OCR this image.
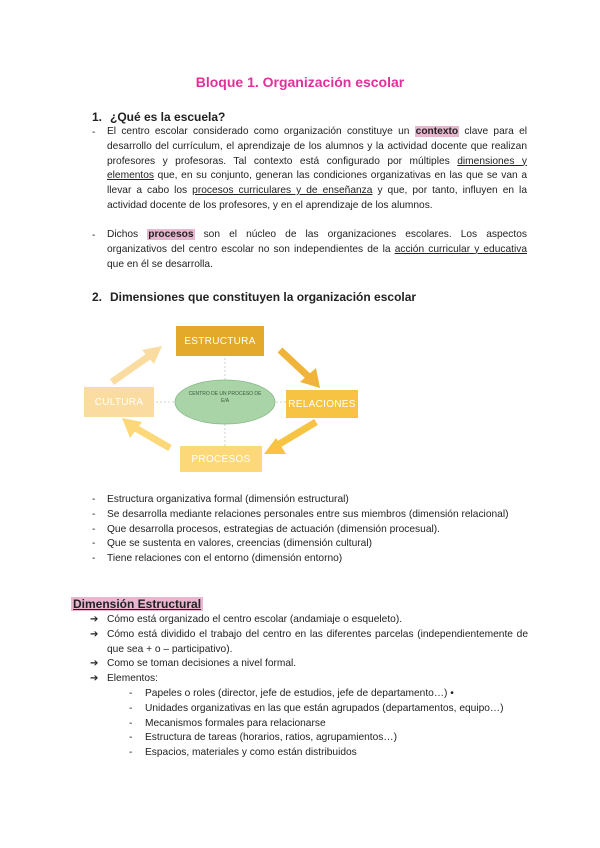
Bloque 1. Organización escolar
1. ¿Qué es la escuela?
- El centro escolar considerado como organización constituye un contexto clave para el desarrollo del currículum, el aprendizaje de los alumnos y la actividad docente que realizan profesores y profesoras. Tal contexto está configurado por múltiples dimensiones y elementos que, en su conjunto, generan las condiciones organizativas en las que se van a llevar a cabo los procesos curriculares y de enseñanza y que, por tanto, influyen en la actividad docente de los profesores, y en el aprendizaje de los alumnos.
- Dichos procesos son el núcleo de las organizaciones escolares. Los aspectos organizativos del centro escolar no son independientes de la acción curricular y educativa que en él se desarrolla.
2. Dimensiones que constituyen la organización escolar
CENTRO DE UN PROCESO DE E/A
ESTRUCTURA
RELACIONES
PROCESOS
CULTURA
-	Estructura organizativa formal (dimensión estructural)
-	Se desarrolla mediante relaciones personales entre sus miembros (dimensión relacional)
-	Que desarrolla procesos, estrategias de actuación (dimensión procesual).
-	Que se sustenta en valores, creencias (dimensión cultural)
-	Tiene relaciones con el entorno (dimensión entorno)
Dimensión Estructural
➔ Cómo está organizado el centro escolar (andamiaje o esqueleto).
➔ Cómo está dividido el trabajo del centro en las diferentes parcelas (independientemente de que sea + o – participativo).
➔ Como se toman decisiones a nivel formal.
➔ Elementos:
-	Papeles o roles (director, jefe de estudios, jefe de departamento…) •
-	Unidades organizativas en las que están agrupados (departamentos, equipo…)
-	Mecanismos formales para relacionarse
-	Estructura de tareas (horarios, ratios, agrupamientos…)
-	Espacios, materiales y como están distribuidos
